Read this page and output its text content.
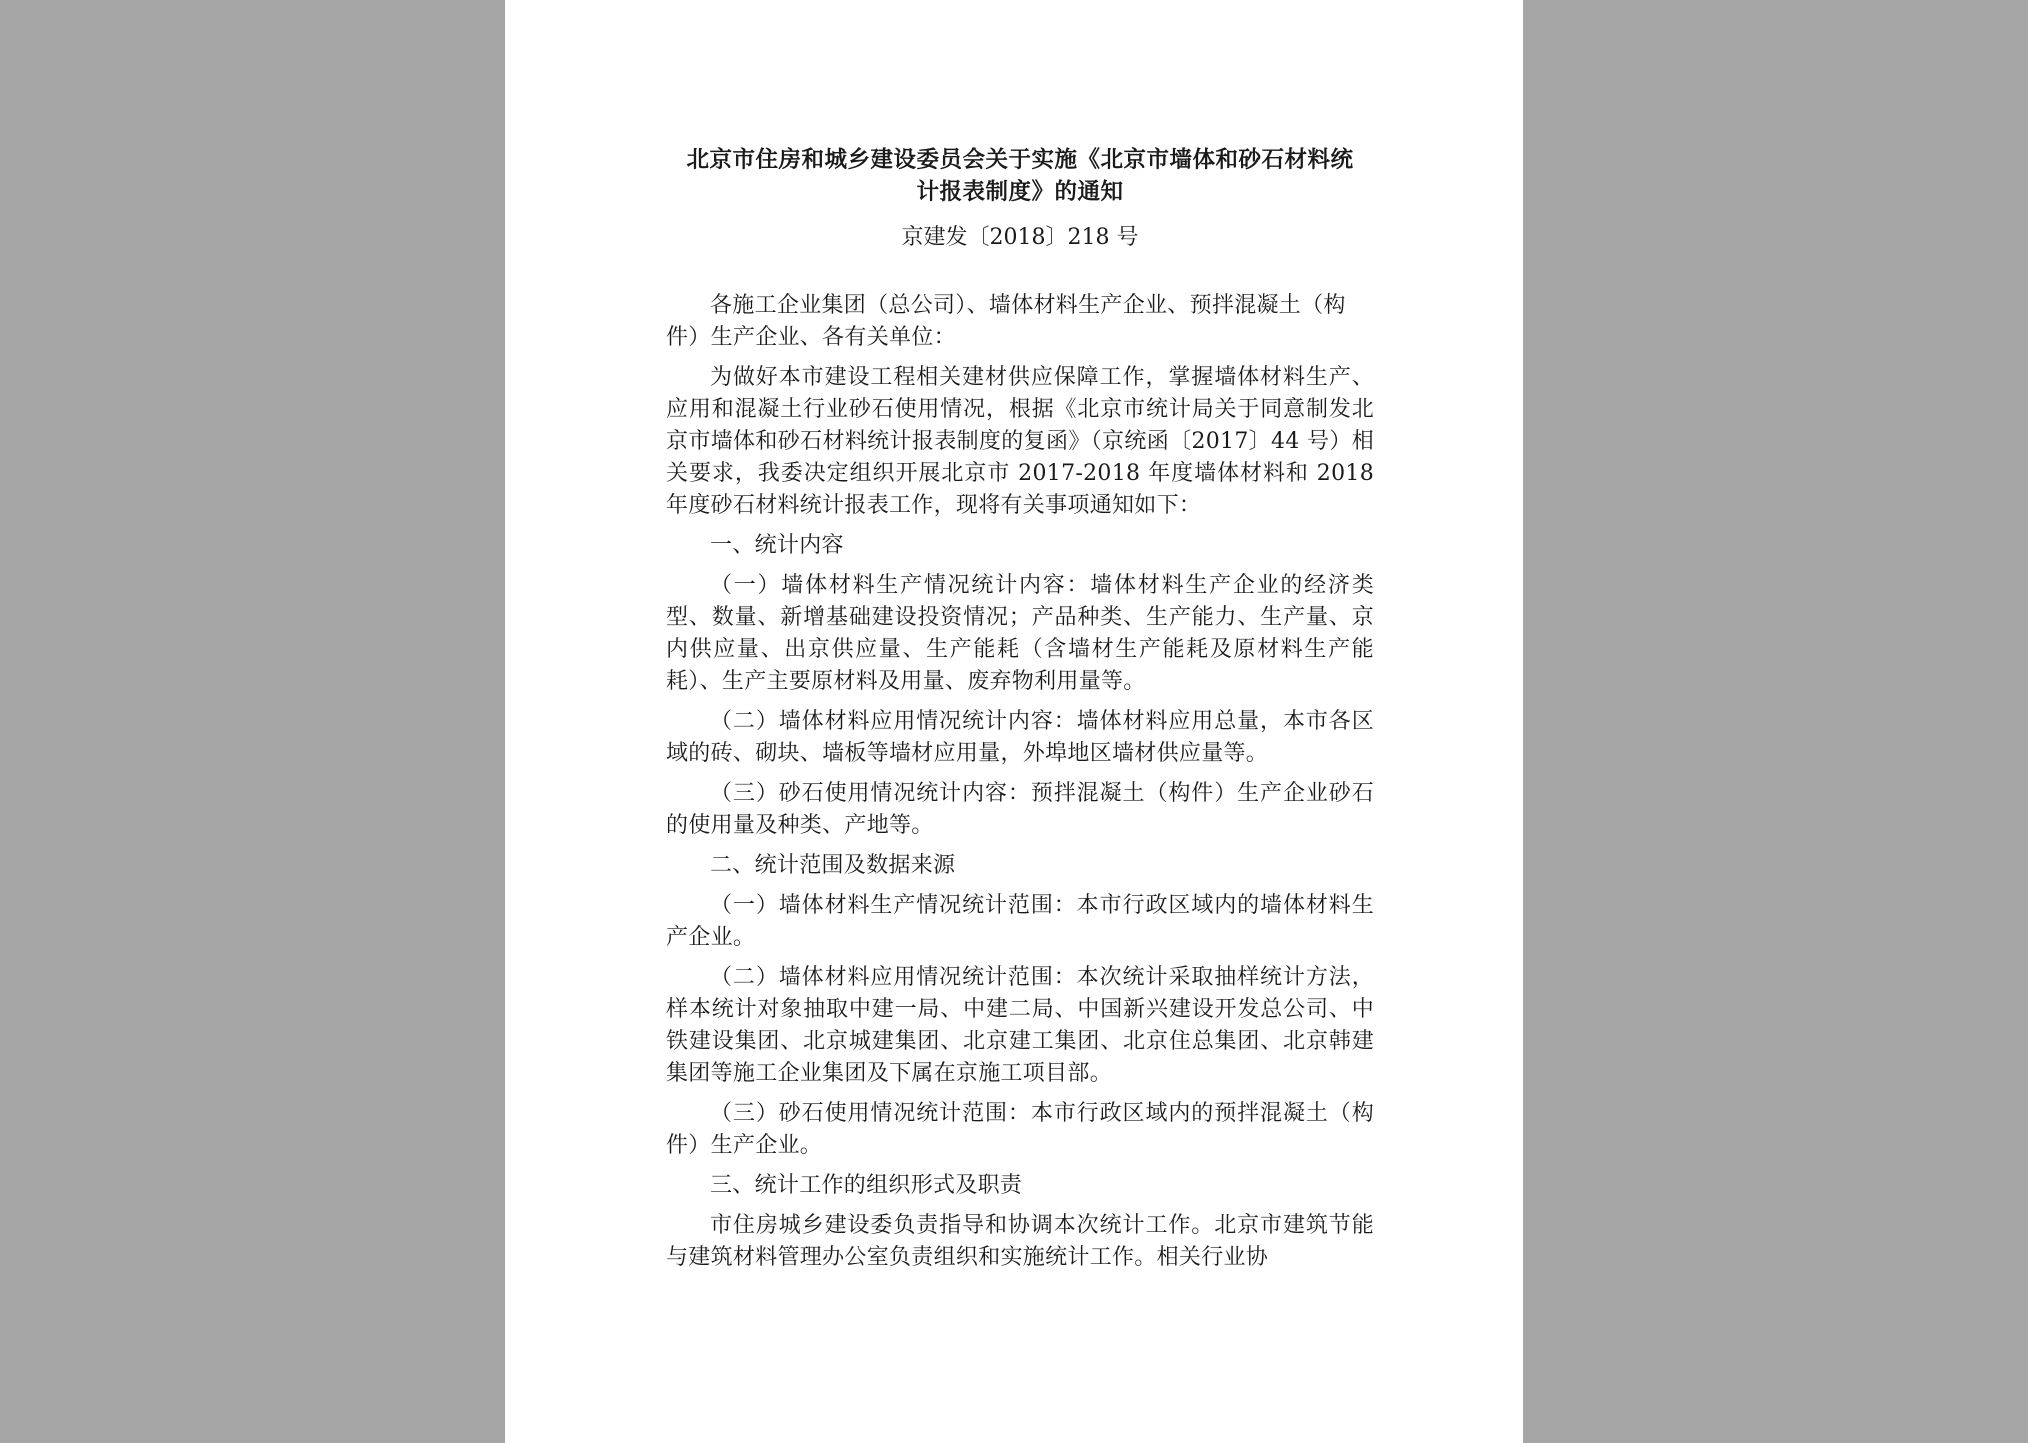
北京市住房和城乡建设委员会关于实施《北京市墙体和砂石材料统
计报表制度》的通知

京建发〔2018〕218 号

各施工企业集团（总公司）、墙体材料生产企业、预拌混凝土（构件）生产企业、各有关单位：

为做好本市建设工程相关建材供应保障工作，掌握墙体材料生产、应用和混凝土行业砂石使用情况，根据《北京市统计局关于同意制发北京市墙体和砂石材料统计报表制度的复函》（京统函〔2017〕44 号）相关要求，我委决定组织开展北京市 2017-2018 年度墙体材料和 2018 年度砂石材料统计报表工作，现将有关事项通知如下：

一、统计内容

（一）墙体材料生产情况统计内容：墙体材料生产企业的经济类型、数量、新增基础建设投资情况；产品种类、生产能力、生产量、京内供应量、出京供应量、生产能耗（含墙材生产能耗及原材料生产能耗）、生产主要原材料及用量、废弃物利用量等。

（二）墙体材料应用情况统计内容：墙体材料应用总量，本市各区域的砖、砌块、墙板等墙材应用量，外埠地区墙材供应量等。

（三）砂石使用情况统计内容：预拌混凝土（构件）生产企业砂石的使用量及种类、产地等。

二、统计范围及数据来源

（一）墙体材料生产情况统计范围：本市行政区域内的墙体材料生产企业。

（二）墙体材料应用情况统计范围：本次统计采取抽样统计方法，样本统计对象抽取中建一局、中建二局、中国新兴建设开发总公司、中铁建设集团、北京城建集团、北京建工集团、北京住总集团、北京韩建集团等施工企业集团及下属在京施工项目部。

（三）砂石使用情况统计范围：本市行政区域内的预拌混凝土（构件）生产企业。

三、统计工作的组织形式及职责

市住房城乡建设委负责指导和协调本次统计工作。北京市建筑节能与建筑材料管理办公室负责组织和实施统计工作。相关行业协
